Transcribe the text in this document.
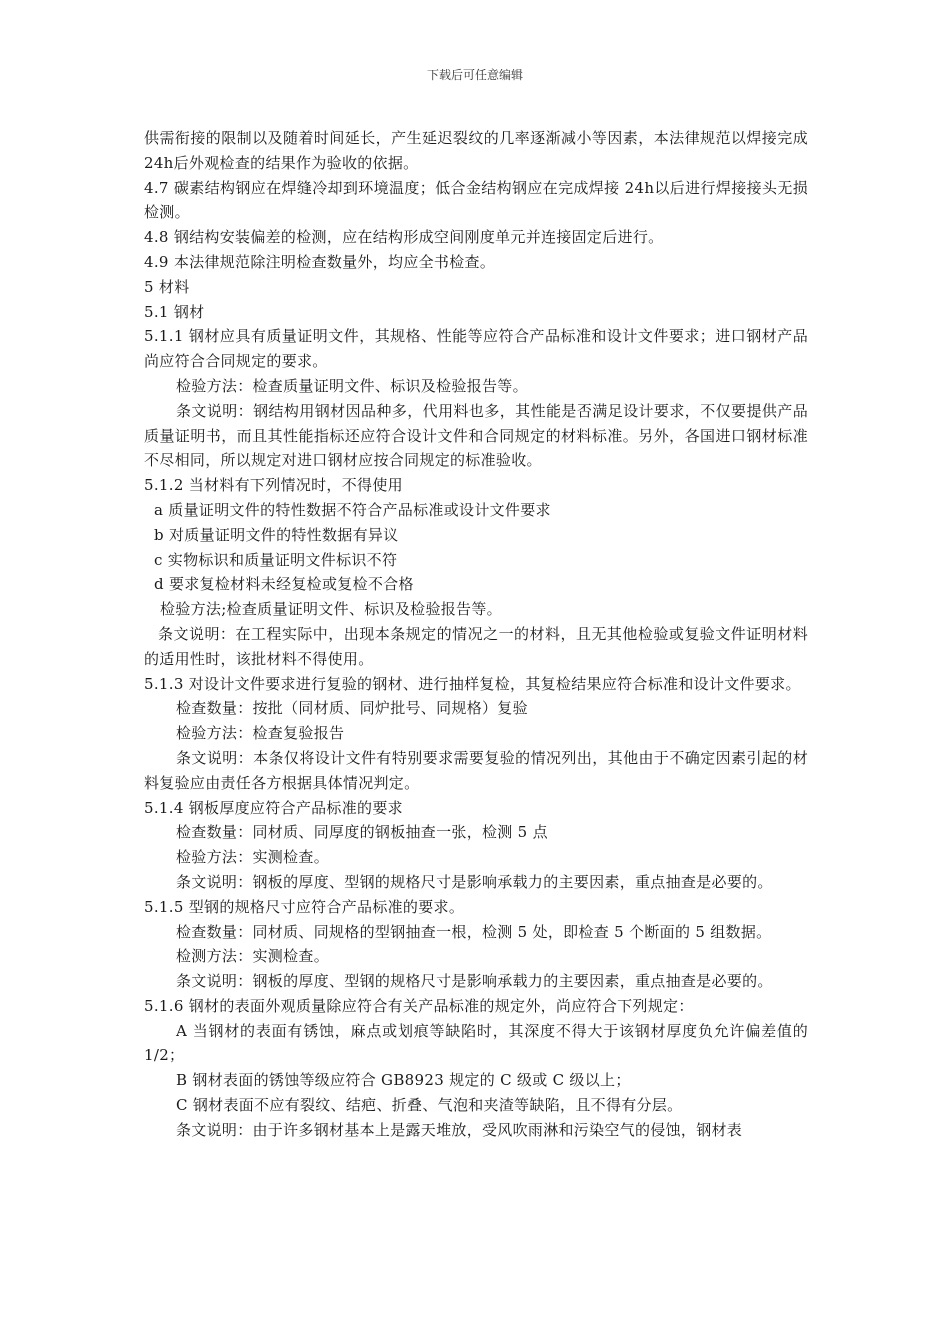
下载后可任意编辑

供需衔接的限制以及随着时间延长，产生延迟裂纹的几率逐渐减小等因素，本法律规范以焊接完成24h后外观检查的结果作为验收的依据。

4.7 碳素结构钢应在焊缝冷却到环境温度；低合金结构钢应在完成焊接 24h以后进行焊接接头无损检测。

4.8 钢结构安装偏差的检测，应在结构形成空间刚度单元并连接固定后进行。

4.9 本法律规范除注明检查数量外，均应全书检查。

5 材料

5.1 钢材

5.1.1 钢材应具有质量证明文件，其规格、性能等应符合产品标准和设计文件要求；进口钢材产品尚应符合合同规定的要求。

检验方法：检查质量证明文件、标识及检验报告等。

条文说明：钢结构用钢材因品种多，代用料也多，其性能是否满足设计要求，不仅要提供产品质量证明书，而且其性能指标还应符合设计文件和合同规定的材料标准。另外，各国进口钢材标准不尽相同，所以规定对进口钢材应按合同规定的标准验收。

5.1.2 当材料有下列情况时，不得使用

a 质量证明文件的特性数据不符合产品标准或设计文件要求

b 对质量证明文件的特性数据有异议

c 实物标识和质量证明文件标识不符

d 要求复检材料未经复检或复检不合格

检验方法;检查质量证明文件、标识及检验报告等。

条文说明：在工程实际中，出现本条规定的情况之一的材料，且无其他检验或复验文件证明材料的适用性时，该批材料不得使用。

5.1.3 对设计文件要求进行复验的钢材、进行抽样复检，其复检结果应符合标准和设计文件要求。

检查数量：按批（同材质、同炉批号、同规格）复验

检验方法：检查复验报告

条文说明：本条仅将设计文件有特别要求需要复验的情况列出，其他由于不确定因素引起的材料复验应由责任各方根据具体情况判定。

5.1.4 钢板厚度应符合产品标准的要求

检查数量：同材质、同厚度的钢板抽查一张，检测 5 点

检验方法：实测检查。

条文说明：钢板的厚度、型钢的规格尺寸是影响承载力的主要因素，重点抽查是必要的。

5.1.5 型钢的规格尺寸应符合产品标准的要求。

检查数量：同材质、同规格的型钢抽查一根，检测 5 处，即检查 5 个断面的 5 组数据。

检测方法：实测检查。

条文说明：钢板的厚度、型钢的规格尺寸是影响承载力的主要因素，重点抽查是必要的。

5.1.6 钢材的表面外观质量除应符合有关产品标准的规定外，尚应符合下列规定：

A 当钢材的表面有锈蚀，麻点或划痕等缺陷时，其深度不得大于该钢材厚度负允许偏差值的 1/2；

B 钢材表面的锈蚀等级应符合 GB8923 规定的 C 级或 C 级以上；

C 钢材表面不应有裂纹、结疤、折叠、气泡和夹渣等缺陷，且不得有分层。

条文说明：由于许多钢材基本上是露天堆放，受风吹雨淋和污染空气的侵蚀，钢材表
